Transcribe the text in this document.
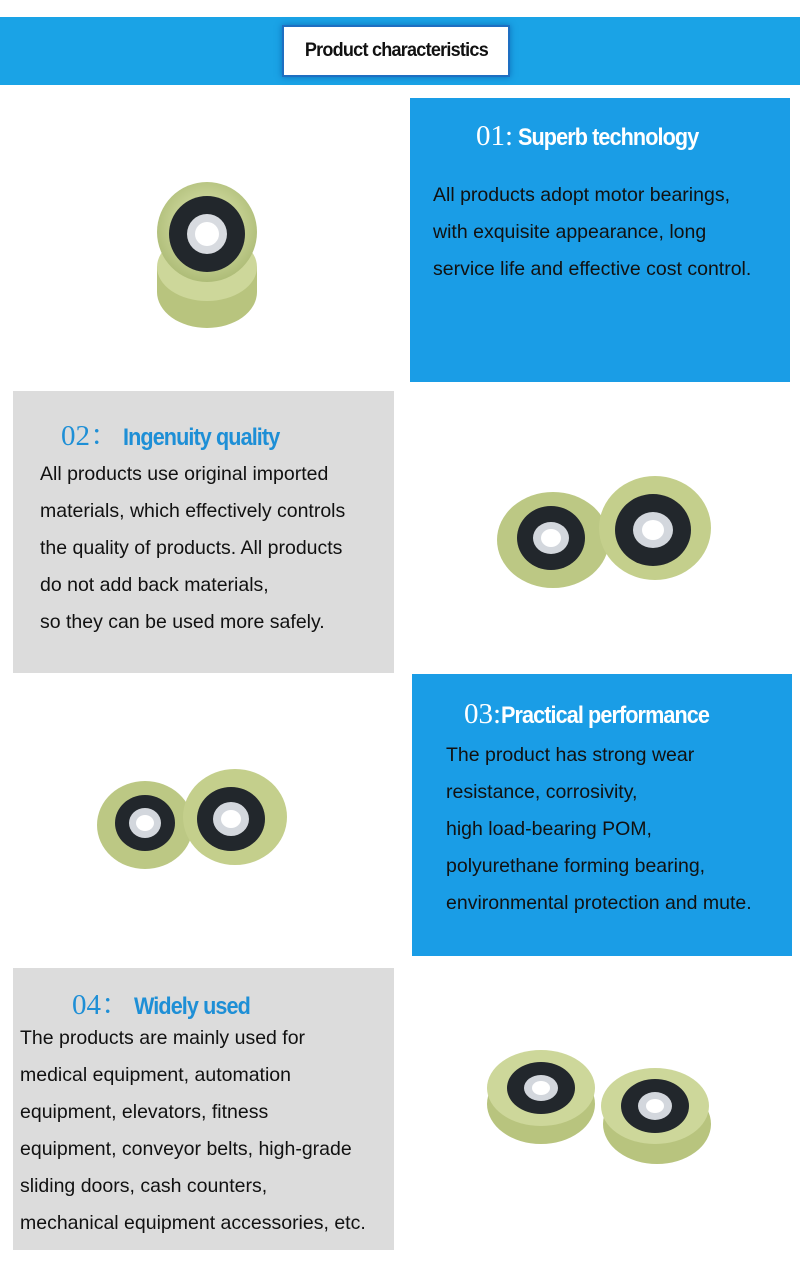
Product characteristics
01: Superb technology
All products adopt motor bearings,
with exquisite appearance, long
service life and effective cost control.
02： Ingenuity quality
All products use original imported
materials, which effectively controls
the quality of products. All products
do not add back materials,
so they can be used more safely.
03:Practical performance
The product has strong wear
resistance, corrosivity,
high load-bearing POM,
polyurethane forming bearing,
environmental protection and mute.
04： Widely used
The products are mainly used for
medical equipment, automation
equipment, elevators, fitness
equipment, conveyor belts, high-grade
sliding doors, cash counters,
mechanical equipment accessories, etc.
